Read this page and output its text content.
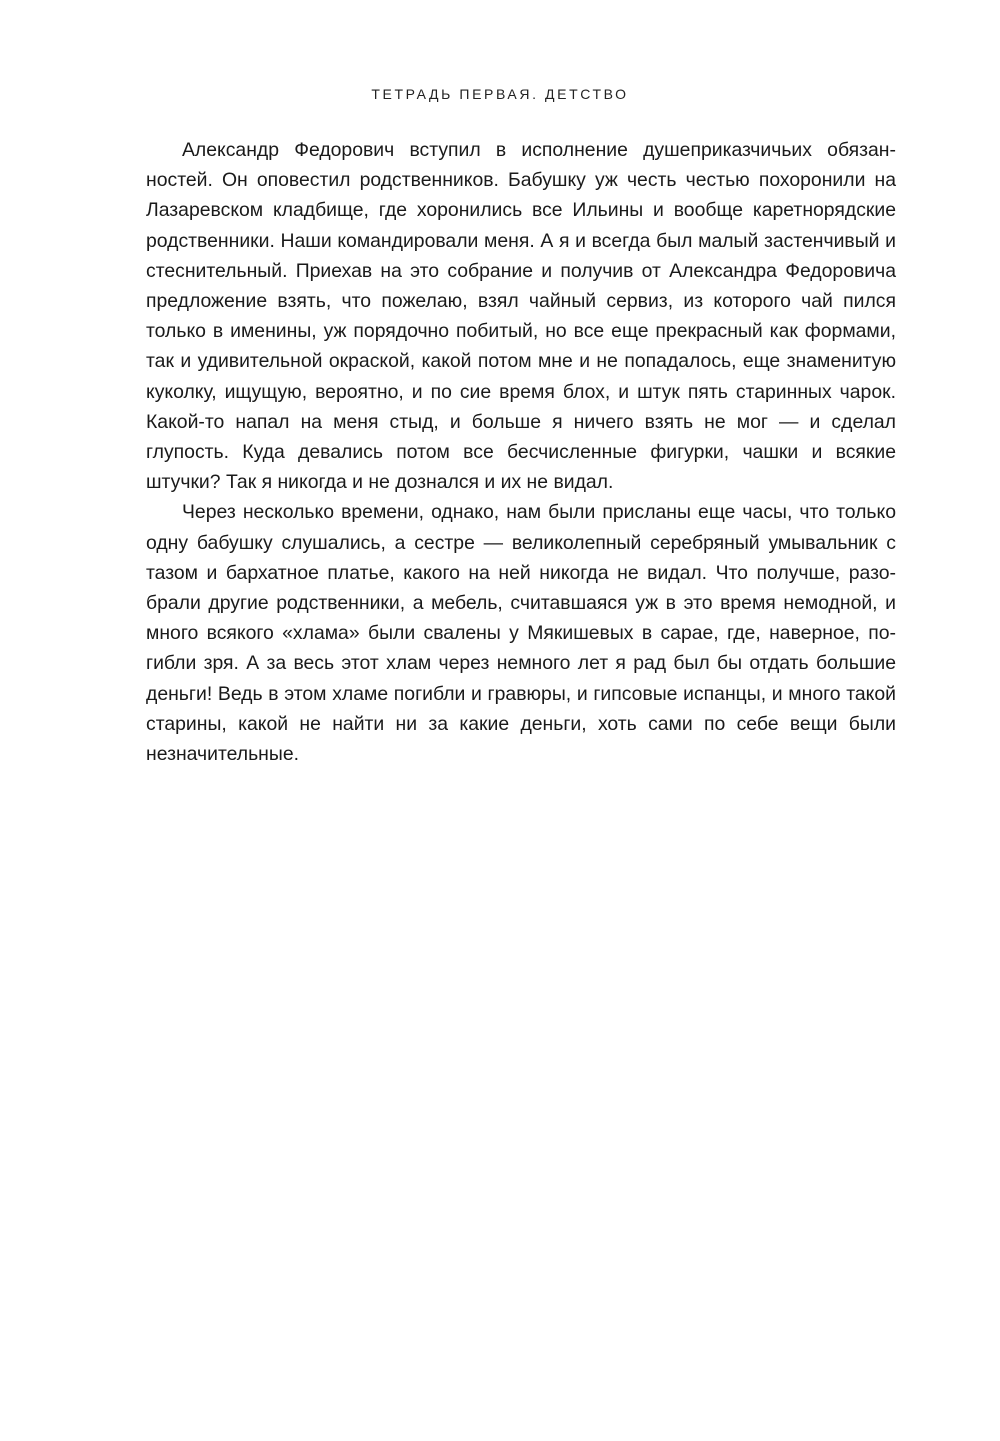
ТЕТРАДЬ ПЕРВАЯ. ДЕТСТВО

Александр Федорович вступил в исполнение душеприказчичьих обязанностей. Он оповестил родственников. Бабушку уж честь честью похоронили на Лазаревском кладбище, где хоронились все Ильины и вообще каретнорядские родственники. Наши командировали меня. А я и всегда был малый застенчивый и стеснительный. Приехав на это собрание и получив от Александра Федоровича предложение взять, что пожелаю, взял чайный сервиз, из которого чай пился только в именины, уж порядочно побитый, но все еще прекрасный как формами, так и удивительной окраской, какой потом мне и не попадалось, еще знаменитую куколку, ищущую, вероятно, и по сие время блох, и штук пять старинных чарок. Какой-то напал на меня стыд, и больше я ничего взять не мог — и сделал глупость. Куда девались потом все бесчисленные фигурки, чашки и всякие штучки? Так я никогда и не дознался и их не видал.

Через несколько времени, однако, нам были присланы еще часы, что только одну бабушку слушались, а сестре — великолепный серебряный умывальник с тазом и бархатное платье, какого на ней никогда не видал. Что получше, разобрали другие родственники, а мебель, считавшаяся уж в это время немодной, и много всякого «хлама» были свалены у Мякишевых в сарае, где, наверное, погибли зря. А за весь этот хлам через немного лет я рад был бы отдать большие деньги! Ведь в этом хламе погибли и гравюры, и гипсовые испанцы, и много такой старины, какой не найти ни за какие деньги, хоть сами по себе вещи были незначительные.
